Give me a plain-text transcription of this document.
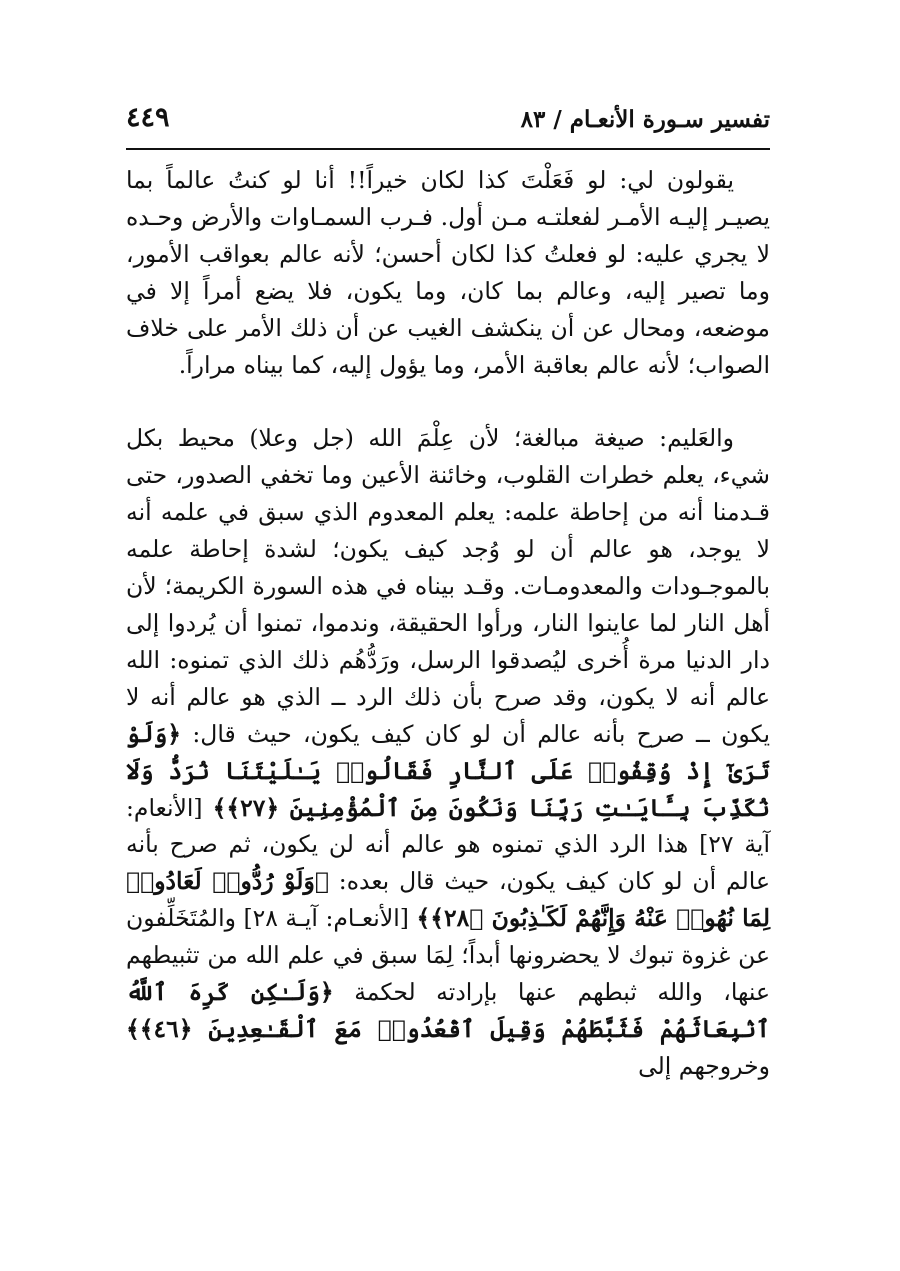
تفسير سـورة الأنعـام / ٨٣
٤٤٩

يقولون لي: لو فَعَلْتَ كذا لكان خيراً!! أنا لو كنتُ عالماً بما يصيـر إليـه الأمـر لفعلتـه مـن أول. فـرب السمـاوات والأرض وحـده لا يجري عليه: لو فعلتُ كذا لكان أحسن؛ لأنه عالم بعواقب الأمور، وما تصير إليه، وعالم بما كان، وما يكون، فلا يضع أمراً إلا في موضعه، ومحال عن أن ينكشف الغيب عن أن ذلك الأمر على خلاف الصواب؛ لأنه عالم بعاقبة الأمر، وما يؤول إليه، كما بيناه مراراً.

والعَليم: صيغة مبالغة؛ لأن عِلْمَ الله (جل وعلا) محيط بكل شيء، يعلم خطرات القلوب، وخائنة الأعين وما تخفي الصدور، حتى قـدمنا أنه من إحاطة علمه: يعلم المعدوم الذي سبق في علمه أنه لا يوجد، هو عالم أن لو وُجد كيف يكون؛ لشدة إحاطة علمه بالموجـودات والمعدومـات. وقـد بيناه في هذه السورة الكريمة؛ لأن أهل النار لما عاينوا النار، ورأوا الحقيقة، وندموا، تمنوا أن يُردوا إلى دار الدنيا مرة أُخرى ليُصدقوا الرسل، ورَدُّهُم ذلك الذي تمنوه: الله عالم أنه لا يكون، وقد صرح بأن ذلك الرد ــ الذي هو عالم أنه لا يكون ــ صرح بأنه عالم أن لو كان كيف يكون، حيث قال: ﴿وَلَوْ تَرَىٰٓ إِذْ وُقِفُوا۟ عَلَى ٱلنَّارِ فَقَالُوا۟ يَـٰلَيْتَنَا نُرَدُّ وَلَا نُكَذِّبَ بِـَٔايَـٰتِ رَبِّنَا وَنَكُونَ مِنَ ٱلْمُؤْمِنِينَ ﴿٢٧﴾﴾ [الأنعام: آية ٢٧] هذا الرد الذي تمنوه هو عالم أنه لن يكون، ثم صرح بأنه عالم أن لو كان كيف يكون، حيث قال بعده: ﴿وَلَوْ رُدُّوا۟ لَعَادُوا۟ لِمَا نُهُوا۟ عَنْهُ وَإِنَّهُمْ لَكَـٰذِبُونَ ﴿٢٨﴾﴾ [الأنعـام: آيـة ٢٨] والمُتَخَلِّفون عن غزوة تبوك لا يحضرونها أبداً؛ لِمَا سبق في علم الله من تثبيطهم عنها، والله ثبطهم عنها بإرادته لحكمة ﴿وَلَـٰكِن كَرِهَ ٱللَّهُ ٱنۢبِعَاثَهُمْ فَثَبَّطَهُمْ وَقِيلَ ٱقْعُدُوا۟ مَعَ ٱلْقَـٰعِدِينَ ﴿٤٦﴾﴾ وخروجهم إلى
